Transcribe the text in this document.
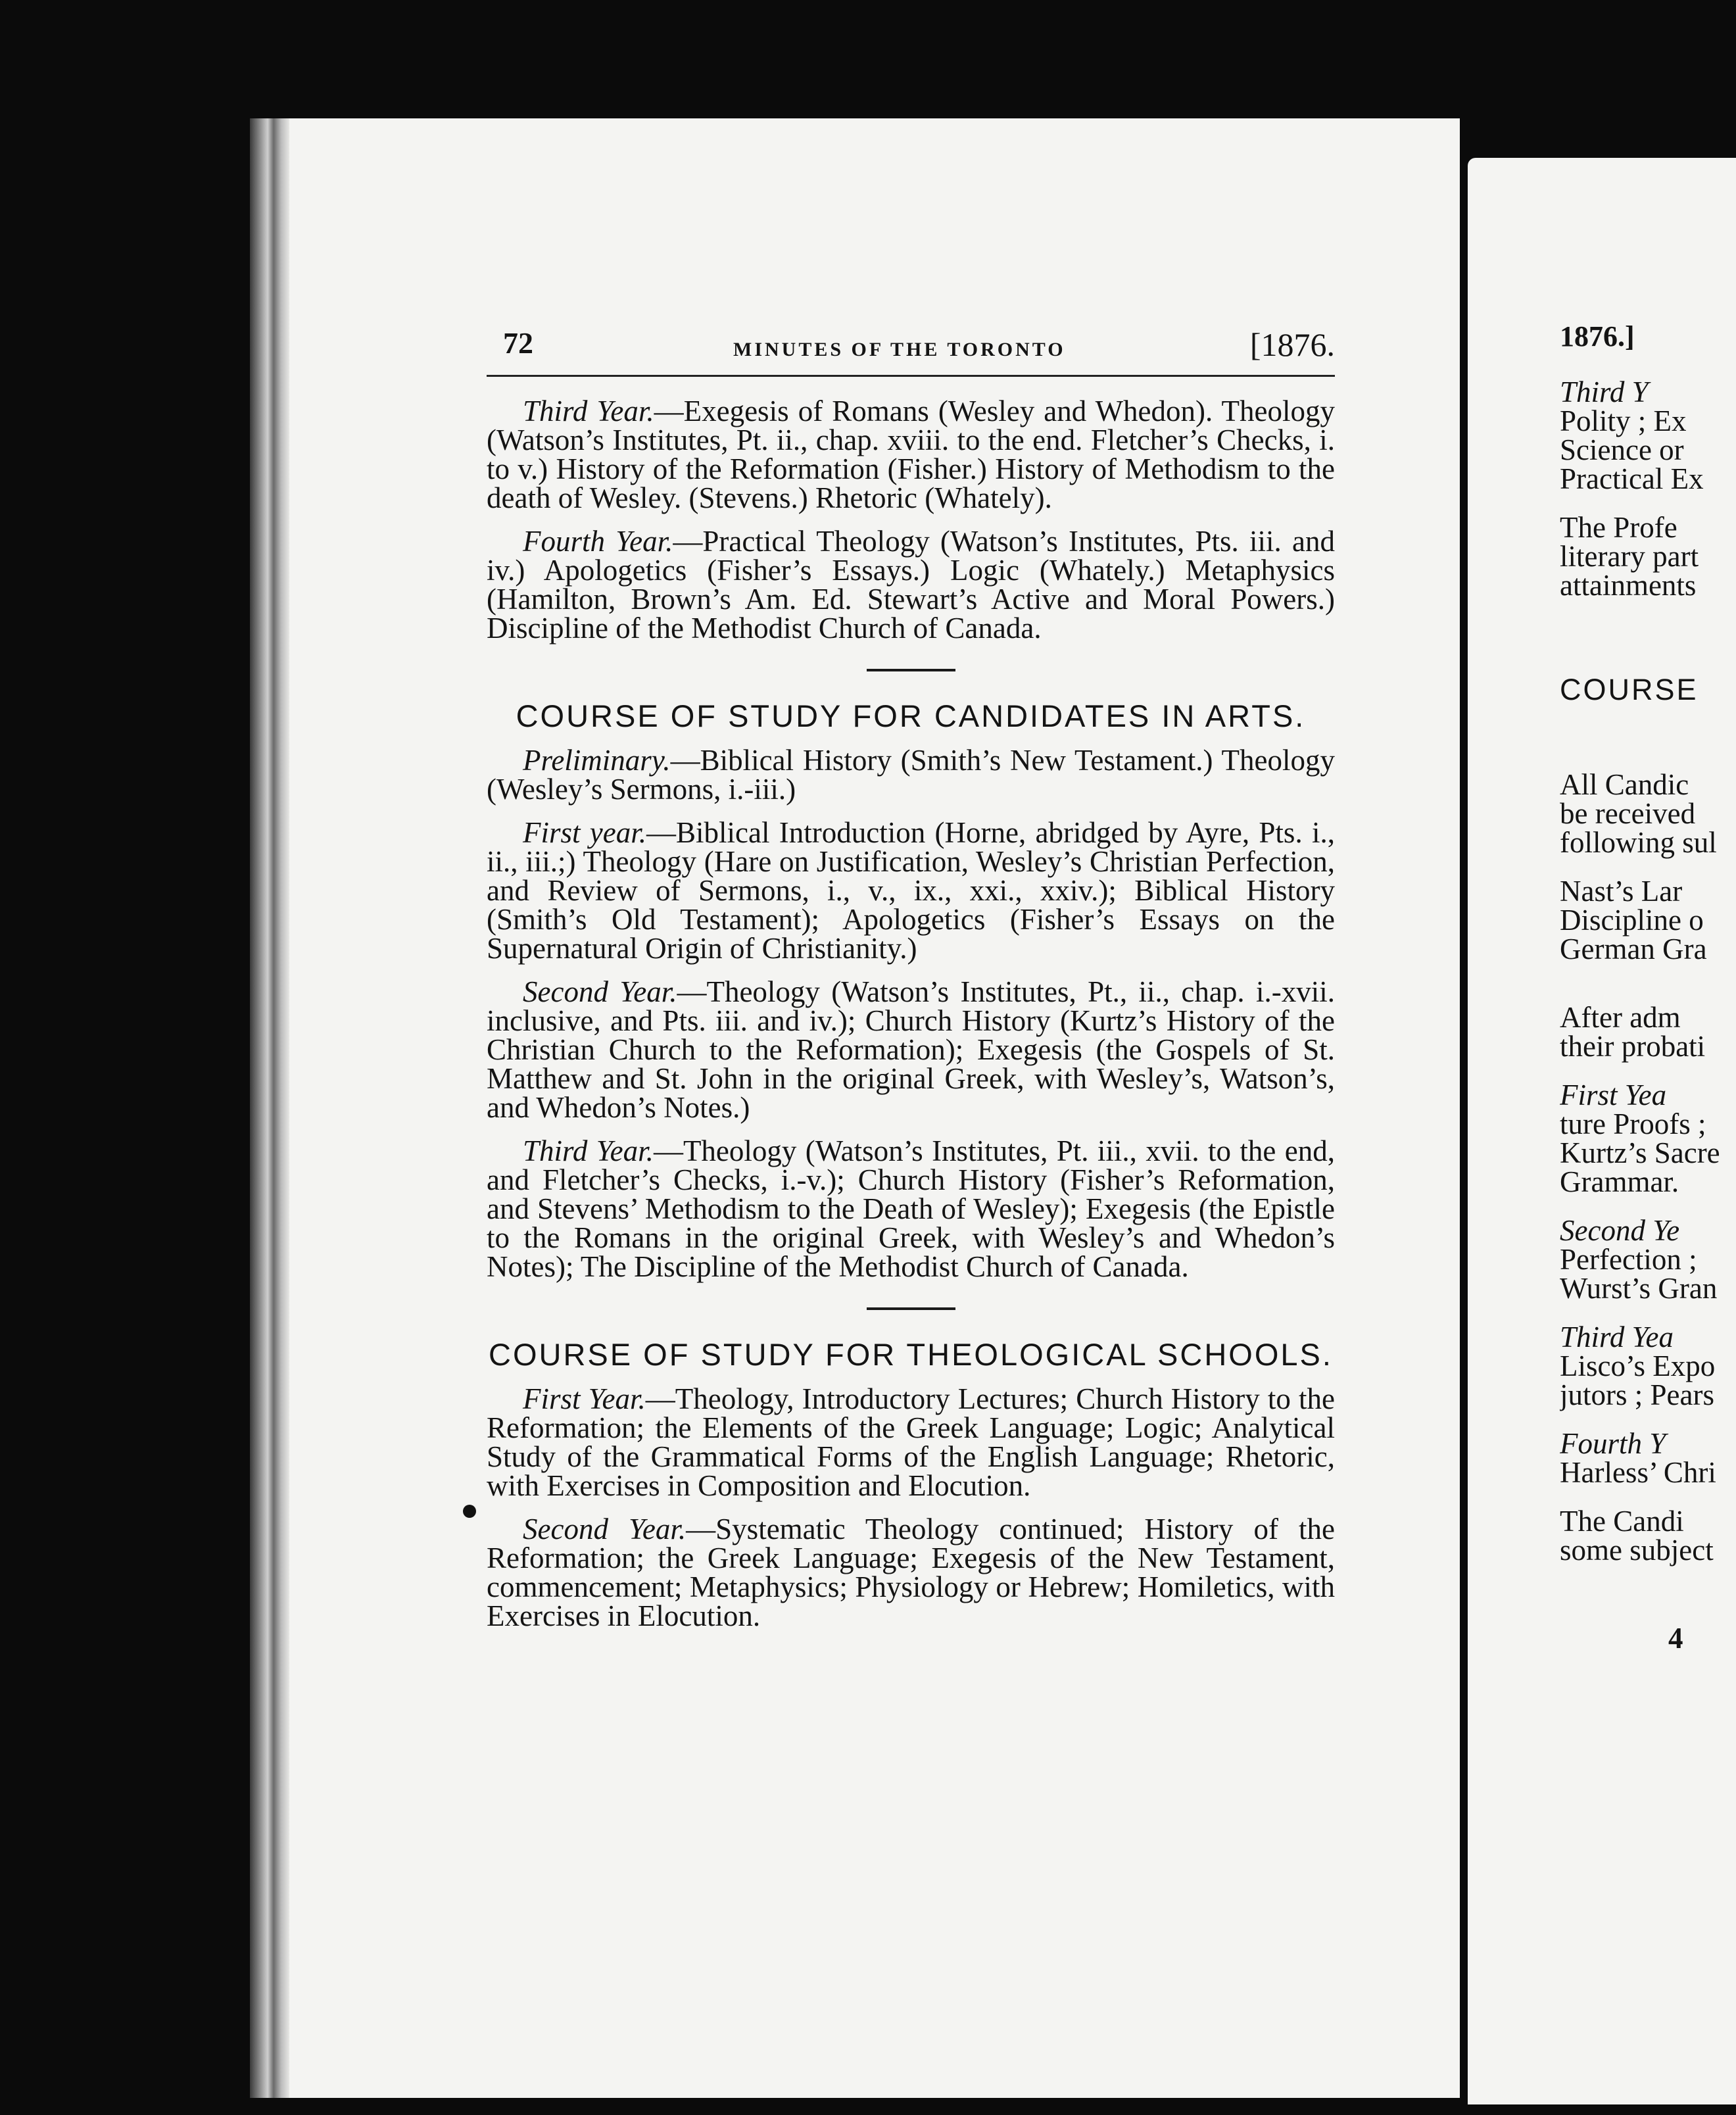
72	MINUTES OF THE TORONTO	[1876.

Third Year.—Exegesis of Romans (Wesley and Whedon). Theology (Watson’s Institutes, Pt. ii., chap. xviii. to the end. Fletcher’s Checks, i. to v.) History of the Reformation (Fisher.) History of Methodism to the death of Wesley. (Stevens.) Rhetoric (Whately).

Fourth Year.—Practical Theology (Watson’s Institutes, Pts. iii. and iv.) Apologetics (Fisher’s Essays.) Logic (Whately.) Metaphysics (Hamilton, Brown’s Am. Ed. Stewart’s Active and Moral Powers.) Discipline of the Methodist Church of Canada.

COURSE OF STUDY FOR CANDIDATES IN ARTS.

Preliminary.—Biblical History (Smith’s New Testament.) Theology (Wesley’s Sermons, i.-iii.)

First year.—Biblical Introduction (Horne, abridged by Ayre, Pts. i., ii., iii.;) Theology (Hare on Justification, Wesley’s Christian Perfection, and Review of Sermons, i., v., ix., xxi., xxiv.); Biblical History (Smith’s Old Testament); Apologetics (Fisher’s Essays on the Supernatural Origin of Christianity.)

Second Year.—Theology (Watson’s Institutes, Pt., ii., chap. i.-xvii. inclusive, and Pts. iii. and iv.); Church History (Kurtz’s History of the Christian Church to the Reformation); Exegesis (the Gospels of St. Matthew and St. John in the original Greek, with Wesley’s, Watson’s, and Whedon’s Notes.)

Third Year.—Theology (Watson’s Institutes, Pt. iii., xvii. to the end, and Fletcher’s Checks, i.-v.); Church History (Fisher’s Reformation, and Stevens’ Methodism to the Death of Wesley); Exegesis (the Epistle to the Romans in the original Greek, with Wesley’s and Whedon’s Notes); The Discipline of the Methodist Church of Canada.

COURSE OF STUDY FOR THEOLOGICAL SCHOOLS.

First Year.—Theology, Introductory Lectures; Church History to the Reformation; the Elements of the Greek Language; Logic; Analytical Study of the Grammatical Forms of the English Language; Rhetoric, with Exercises in Composition and Elocution.

Second Year.—Systematic Theology continued; History of the Reformation; the Greek Language; Exegesis of the New Testament, commencement; Metaphysics; Physiology or Hebrew; Homiletics, with Exercises in Elocution.

1876.]
Third Y
Polity ; Ex
Science or
Practical Ex
The Profe
literary part
attainments
COURSE
All Candic
be received
following sul
Nast’s Lar
Discipline o
German Gra
After adm
their probati
First Yea
ture Proofs ;
Kurtz’s Sacre
Grammar.
Second Ye
Perfection ;
Wurst’s Gran
Third Yea
Lisco’s Expo
jutors ; Pears
Fourth Y
Harless’ Chri
The Candi
some subject
4
